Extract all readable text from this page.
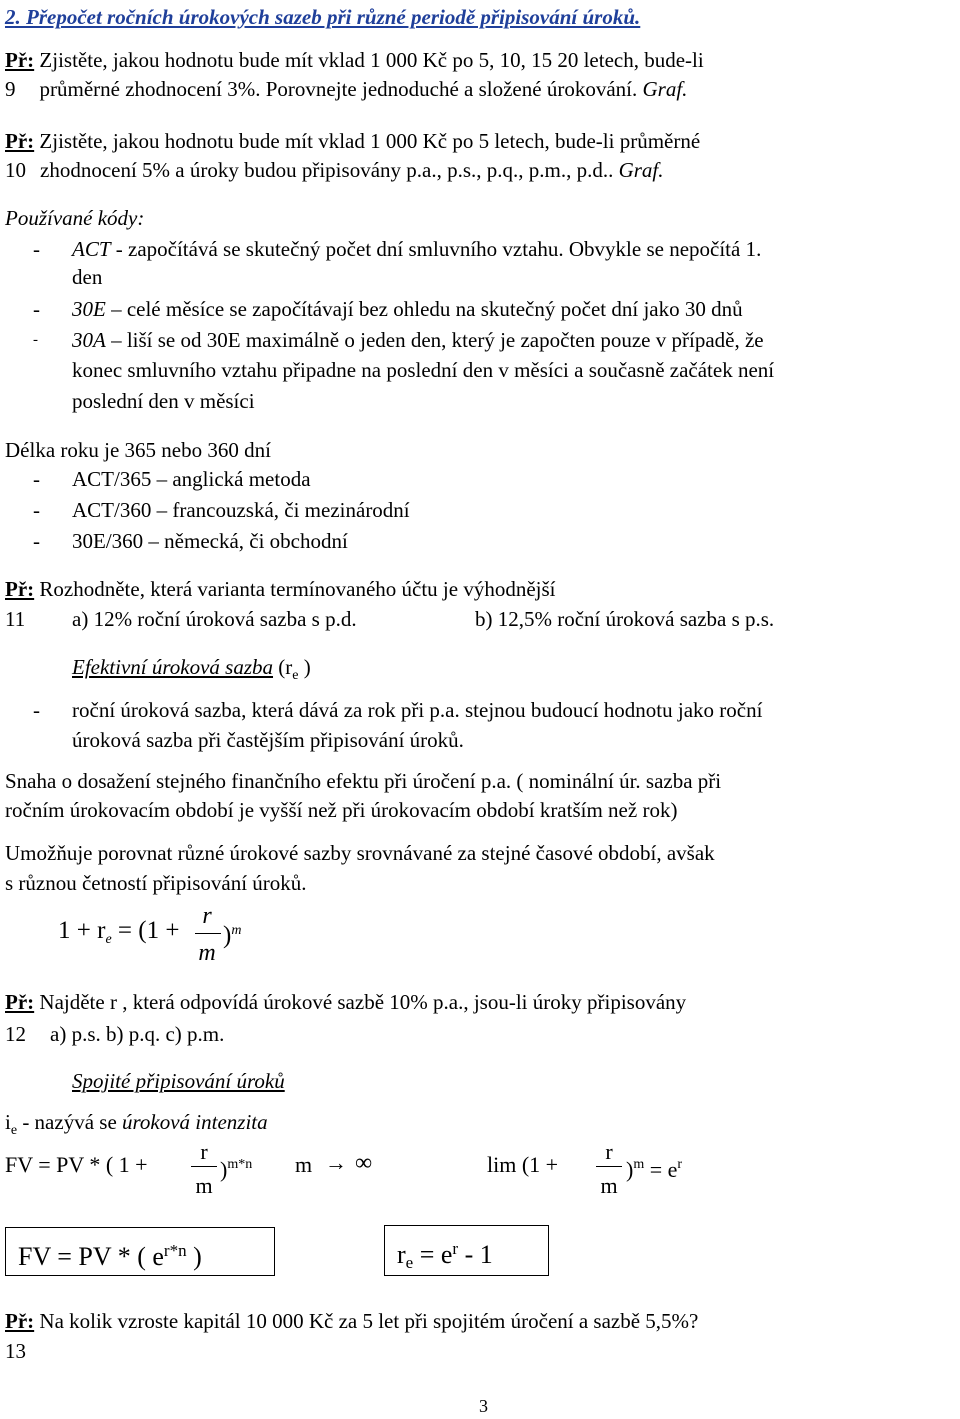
2. Přepočet ročních úrokových sazeb při různé periodě připisování úroků.
Př: Zjistěte, jakou hodnotu bude mít vklad 1 000 Kč po 5, 10, 15 20 letech, bude-li
9 průměrné zhodnocení 3%. Porovnejte jednoduché a složené úrokování. Graf.
Př: Zjistěte, jakou hodnotu bude mít vklad 1 000 Kč po 5 letech, bude-li průměrné
10 zhodnocení 5% a úroky budou připisovány p.a., p.s., p.q., p.m., p.d.. Graf.
Používané kódy:
- ACT - započítává se skutečný počet dní smluvního vztahu. Obvykle se nepočítá 1.
den
- 30E – celé měsíce se započítávají bez ohledu na skutečný počet dní jako 30 dnů
- 30A – liší se od 30E maximálně o jeden den, který je započten pouze v případě, že
konec smluvního vztahu připadne na poslední den v měsíci a současně začátek není
poslední den v měsíci
Délka roku je 365 nebo 360 dní
- ACT/365 – anglická metoda
- ACT/360 – francouzská, či mezinárodní
- 30E/360 – německá, či obchodní
Př: Rozhodněte, která varianta termínovaného účtu je výhodnější
11 a) 12% roční úroková sazba s p.d.	b) 12,5% roční úroková sazba s p.s.
Efektivní úroková sazba ($r_e$ )
- roční úroková sazba, která dává za rok při p.a. stejnou budoucí hodnotu jako roční
úroková sazba při častějším připisování úroků.
Snaha o dosažení stejného finančního efektu při úročení p.a. ( nominální úr. sazba při
ročním úrokovacím období je vyšší než při úrokovacím období kratším než rok)
Umožňuje porovnat různé úrokové sazby srovnávané za stejné časové období, avšak
s různou četností připisování úroků.
$1 + r_e = (1$ +
r
m
)$^m$
Př: Najděte r , která odpovídá úrokové sazbě 10% p.a., jsou-li úroky připisovány
12 a) p.s. b) p.q. c) p.m.
Spojité připisování úroků
$i_e$ - nazývá se úroková intenzita
FV = PV * ( 1 +
r
m
)$^{m*n}$ m → ∞	lim (1 +
r
m
)$^m = e^r$
FV = PV * ( $e^{r*n}$ )	$r_e = e^r - 1$
Př: Na kolik vzroste kapitál 10 000 Kč za 5 let při spojitém úročení a sazbě 5,5%?
13
3
